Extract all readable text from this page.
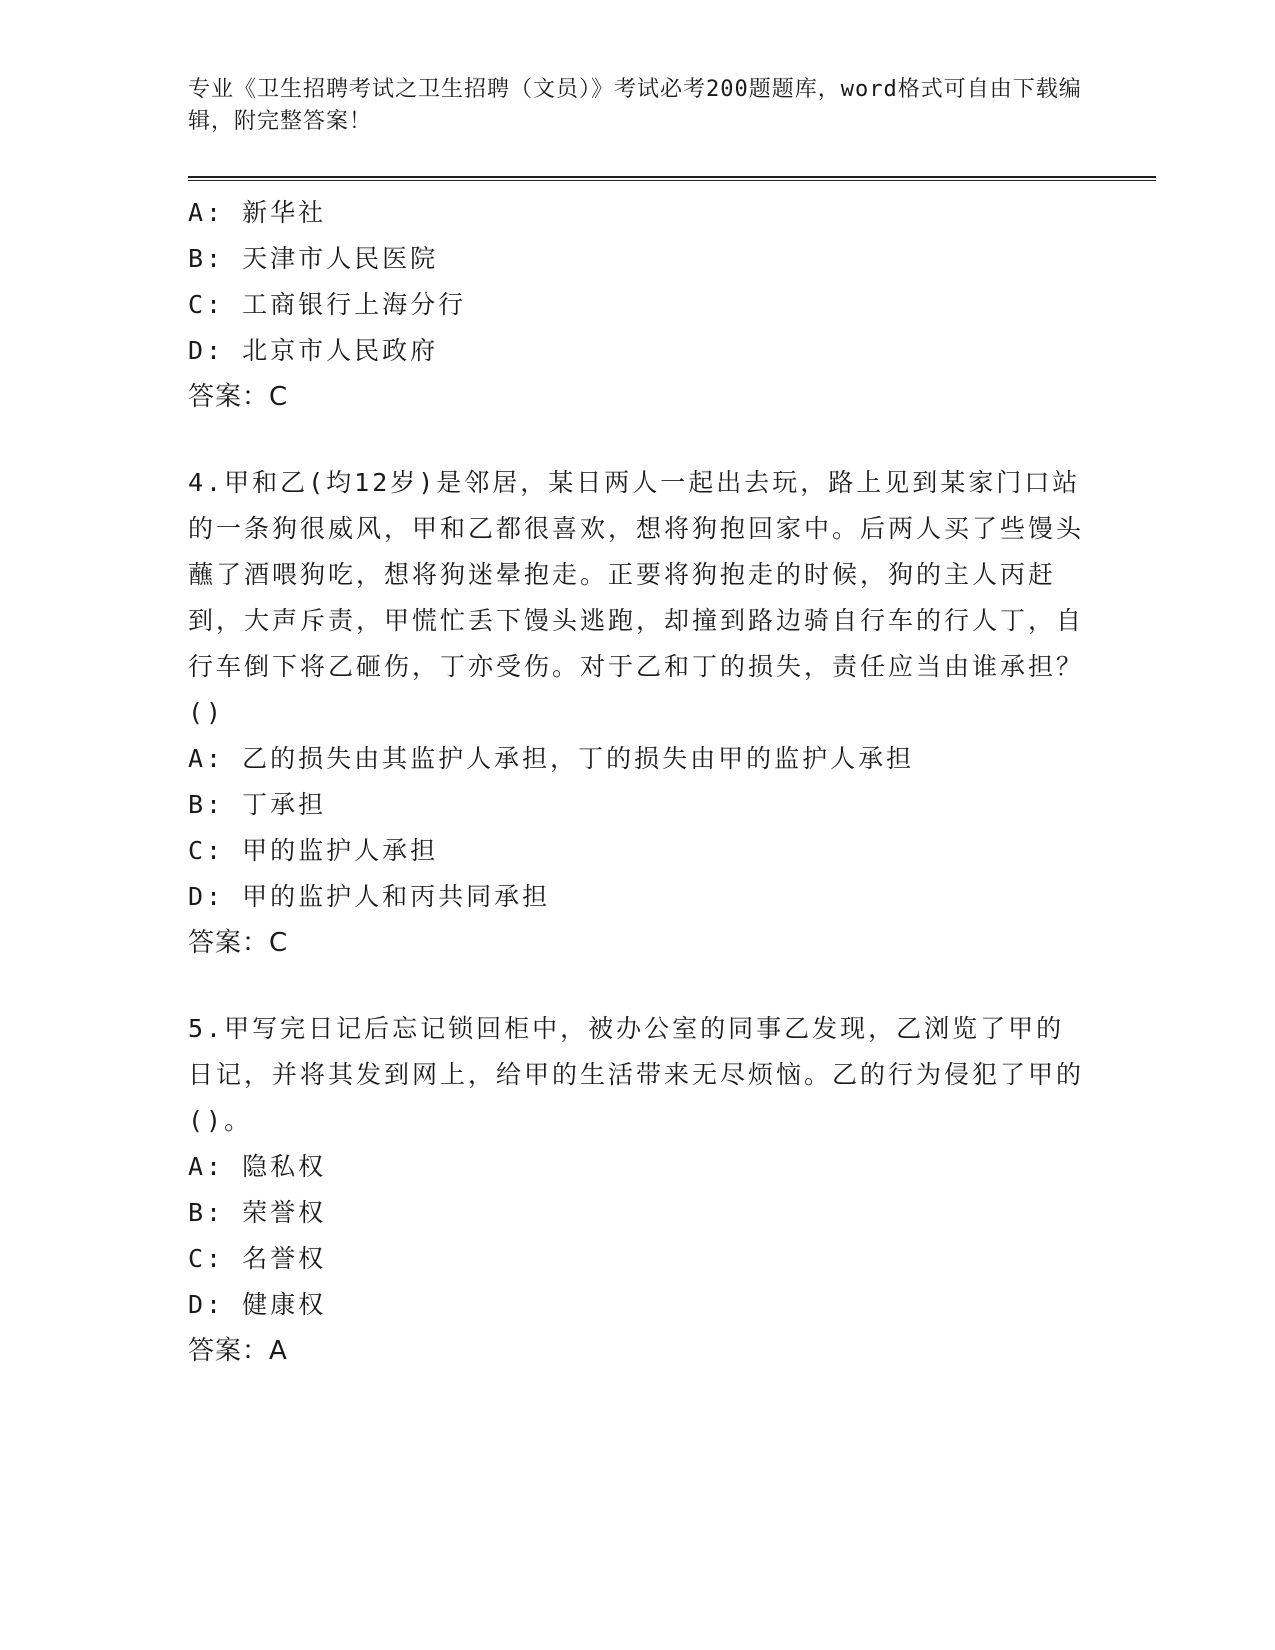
专业《卫生招聘考试之卫生招聘（文员）》考试必考200题题库，word格式可自由下载编辑，附完整答案！
A: 新华社
B: 天津市人民医院
C: 工商银行上海分行
D: 北京市人民政府
答案：C
4.甲和乙(均12岁)是邻居，某日两人一起出去玩，路上见到某家门口站的一条狗很威风，甲和乙都很喜欢，想将狗抱回家中。后两人买了些馒头蘸了酒喂狗吃，想将狗迷晕抱走。正要将狗抱走的时候，狗的主人丙赶到，大声斥责，甲慌忙丢下馒头逃跑，却撞到路边骑自行车的行人丁，自行车倒下将乙砸伤，丁亦受伤。对于乙和丁的损失，责任应当由谁承担？()
A: 乙的损失由其监护人承担，丁的损失由甲的监护人承担
B: 丁承担
C: 甲的监护人承担
D: 甲的监护人和丙共同承担
答案：C
5.甲写完日记后忘记锁回柜中，被办公室的同事乙发现，乙浏览了甲的日记，并将其发到网上，给甲的生活带来无尽烦恼。乙的行为侵犯了甲的()。
A: 隐私权
B: 荣誉权
C: 名誉权
D: 健康权
答案：A
